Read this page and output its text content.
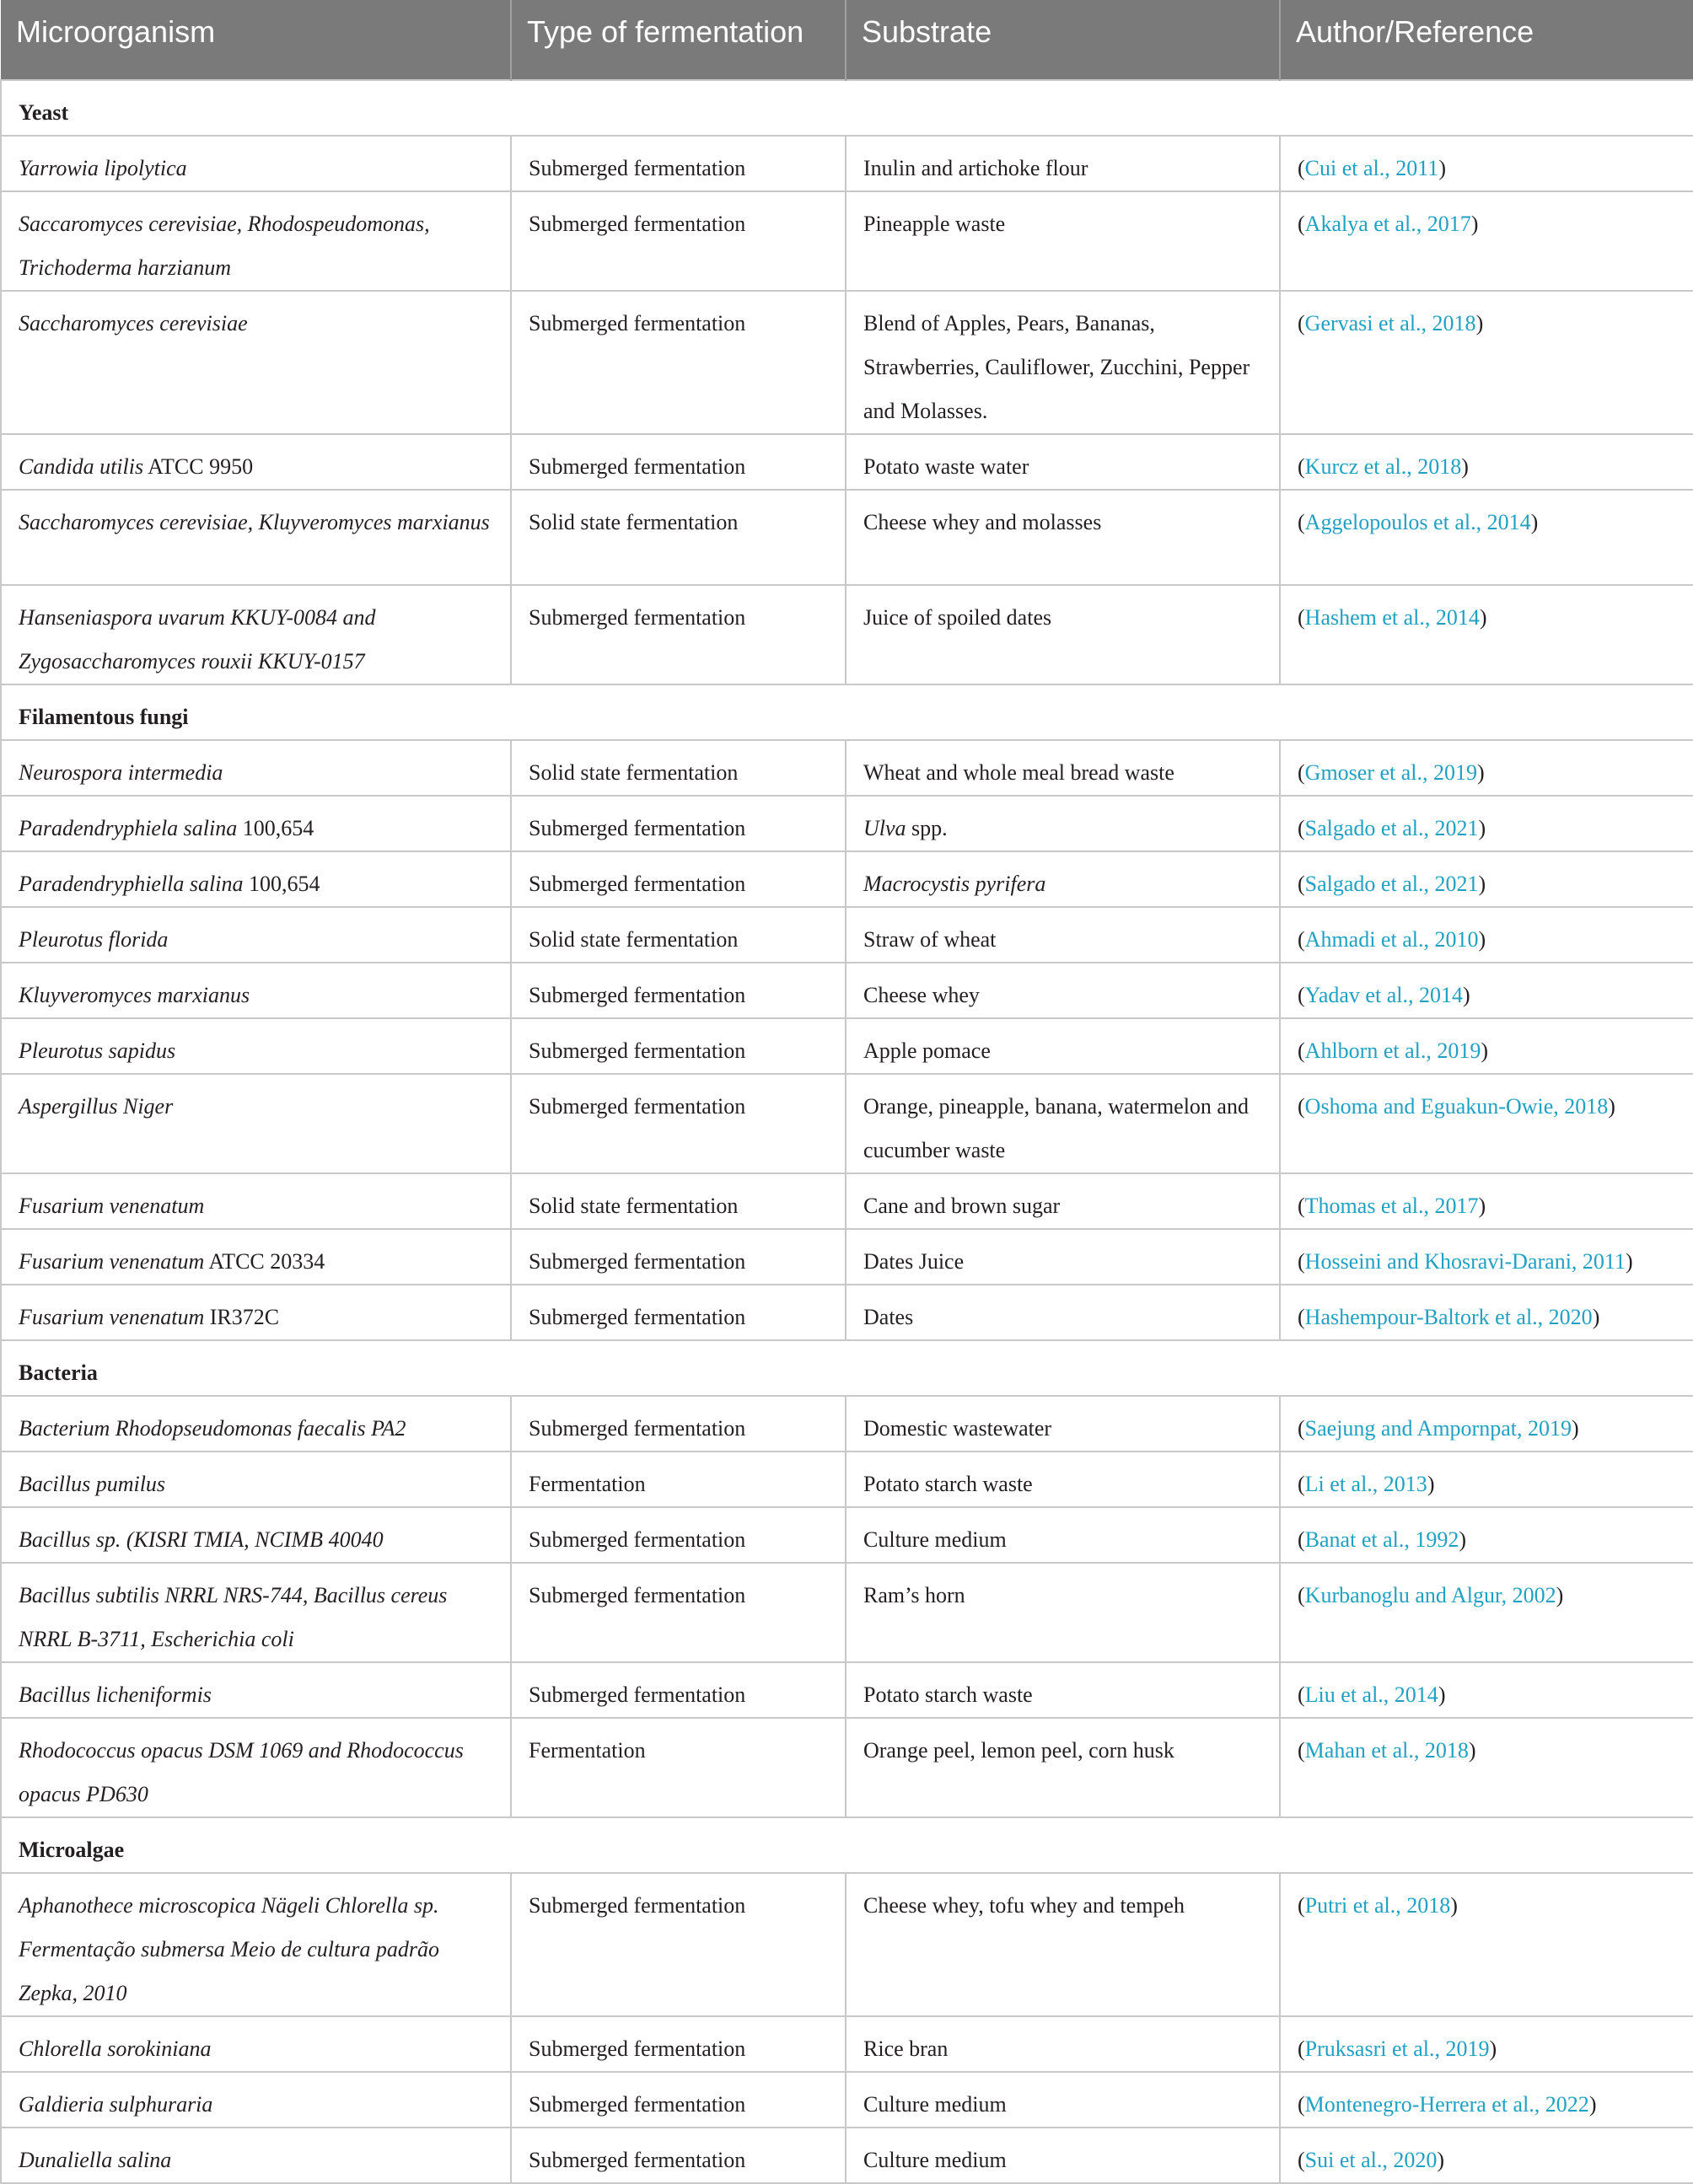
Microorganism	Type of fermentation	Substrate	Author/Reference
Yeast			
Yarrowia lipolytica	Submerged fermentation	Inulin and artichoke flour	(Cui et al., 2011)
Saccaromyces cerevisiae, Rhodospeudomonas, Trichoderma harzianum	Submerged fermentation	Pineapple waste	(Akalya et al., 2017)
Saccharomyces cerevisiae	Submerged fermentation	Blend of Apples, Pears, Bananas, Strawberries, Cauliflower, Zucchini, Pepper and Molasses.	(Gervasi et al., 2018)
Candida utilis ATCC 9950	Submerged fermentation	Potato waste water	(Kurcz et al., 2018)
Saccharomyces cerevisiae, Kluyveromyces marxianus	Solid state fermentation	Cheese whey and molasses	(Aggelopoulos et al., 2014)
Hanseniaspora uvarum KKUY-0084 and Zygosaccharomyces rouxii KKUY-0157	Submerged fermentation	Juice of spoiled dates	(Hashem et al., 2014)
Filamentous fungi			
Neurospora intermedia	Solid state fermentation	Wheat and whole meal bread waste	(Gmoser et al., 2019)
Paradendryphiela salina 100,654	Submerged fermentation	Ulva spp.	(Salgado et al., 2021)
Paradendryphiella salina 100,654	Submerged fermentation	Macrocystis pyrifera	(Salgado et al., 2021)
Pleurotus florida	Solid state fermentation	Straw of wheat	(Ahmadi et al., 2010)
Kluyveromyces marxianus	Submerged fermentation	Cheese whey	(Yadav et al., 2014)
Pleurotus sapidus	Submerged fermentation	Apple pomace	(Ahlborn et al., 2019)
Aspergillus Niger	Submerged fermentation	Orange, pineapple, banana, watermelon and cucumber waste	(Oshoma and Eguakun-Owie, 2018)
Fusarium venenatum	Solid state fermentation	Cane and brown sugar	(Thomas et al., 2017)
Fusarium venenatum ATCC 20334	Submerged fermentation	Dates Juice	(Hosseini and Khosravi-Darani, 2011)
Fusarium venenatum IR372C	Submerged fermentation	Dates	(Hashempour-Baltork et al., 2020)
Bacteria			
Bacterium Rhodopseudomonas faecalis PA2	Submerged fermentation	Domestic wastewater	(Saejung and Ampornpat, 2019)
Bacillus pumilus	Fermentation	Potato starch waste	(Li et al., 2013)
Bacillus sp. (KISRI TMIA, NCIMB 40040	Submerged fermentation	Culture medium	(Banat et al., 1992)
Bacillus subtilis NRRL NRS-744, Bacillus cereus NRRL B-3711, Escherichia coli	Submerged fermentation	Ram’s horn	(Kurbanoglu and Algur, 2002)
Bacillus licheniformis	Submerged fermentation	Potato starch waste	(Liu et al., 2014)
Rhodococcus opacus DSM 1069 and Rhodococcus opacus PD630	Fermentation	Orange peel, lemon peel, corn husk	(Mahan et al., 2018)
Microalgae			
Aphanothece microscopica Nägeli Chlorella sp. Fermentação submersa Meio de cultura padrão Zepka, 2010	Submerged fermentation	Cheese whey, tofu whey and tempeh	(Putri et al., 2018)
Chlorella sorokiniana	Submerged fermentation	Rice bran	(Pruksasri et al., 2019)
Galdieria sulphuraria	Submerged fermentation	Culture medium	(Montenegro-Herrera et al., 2022)
Dunaliella salina	Submerged fermentation	Culture medium	(Sui et al., 2020)
